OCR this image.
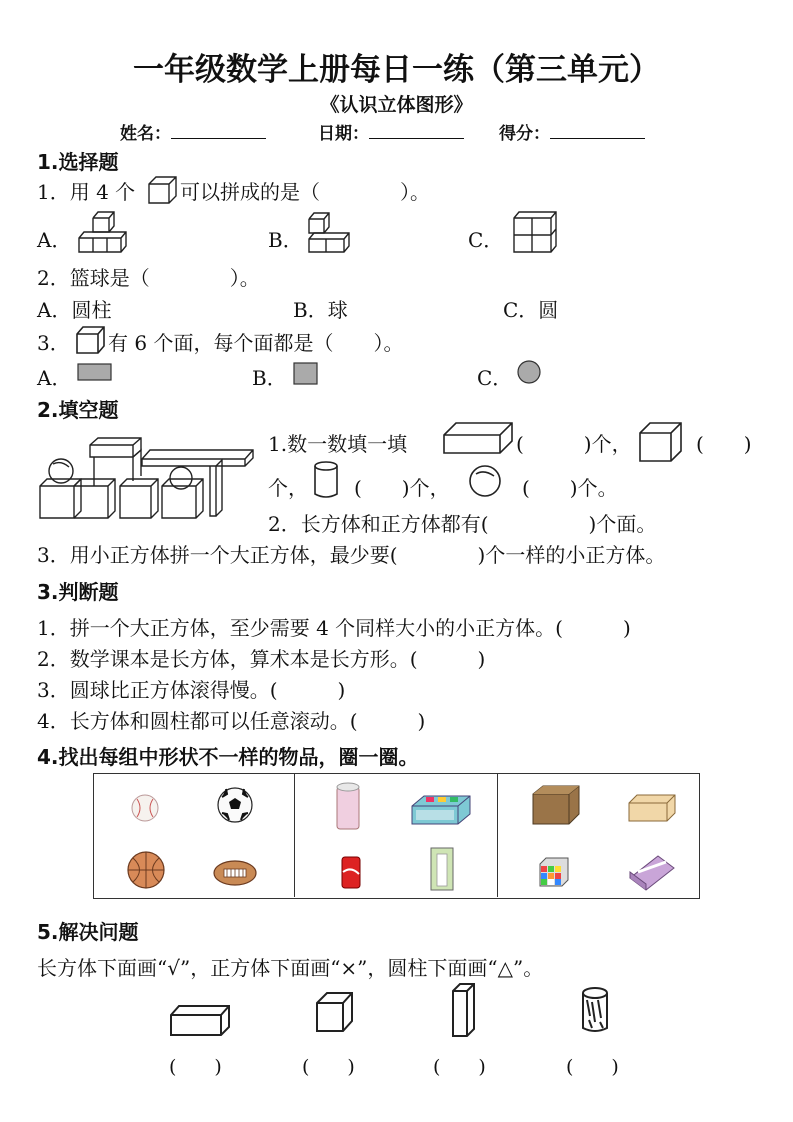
一年级数学上册每日一练（第三单元）
《认识立体图形》
姓名：	日期：	得分：
1.选择题
1．用 4 个 可以拼成的是（　　　　）。
A．	B．	C．
2．篮球是（　　　　）。
A．圆柱	B．球	C．圆
3． 有 6 个面，每个面都是（　　）。
A．	B．	C．
2.填空题
1.数一数填一填	(　　　)个，	(　　)
个， (　　)个，	(　　)个。
2．长方体和正方体都有(　　　　　)个面。
3．用小正方体拼一个大正方体，最少要(　　　　)个一样的小正方体。
3.判断题
1．拼一个大正方体，至少需要 4 个同样大小的小正方体。(　　　)
2．数学课本是长方体，算术本是长方形。(　　　)
3．圆球比正方体滚得慢。(　　　)
4．长方体和圆柱都可以任意滚动。(　　　)
4.找出每组中形状不一样的物品，圈一圈。
5.解决问题
长方体下面画“√”，正方体下面画“×”，圆柱下面画“△”。
(　　)	(　　)	(　　)	(　　)
